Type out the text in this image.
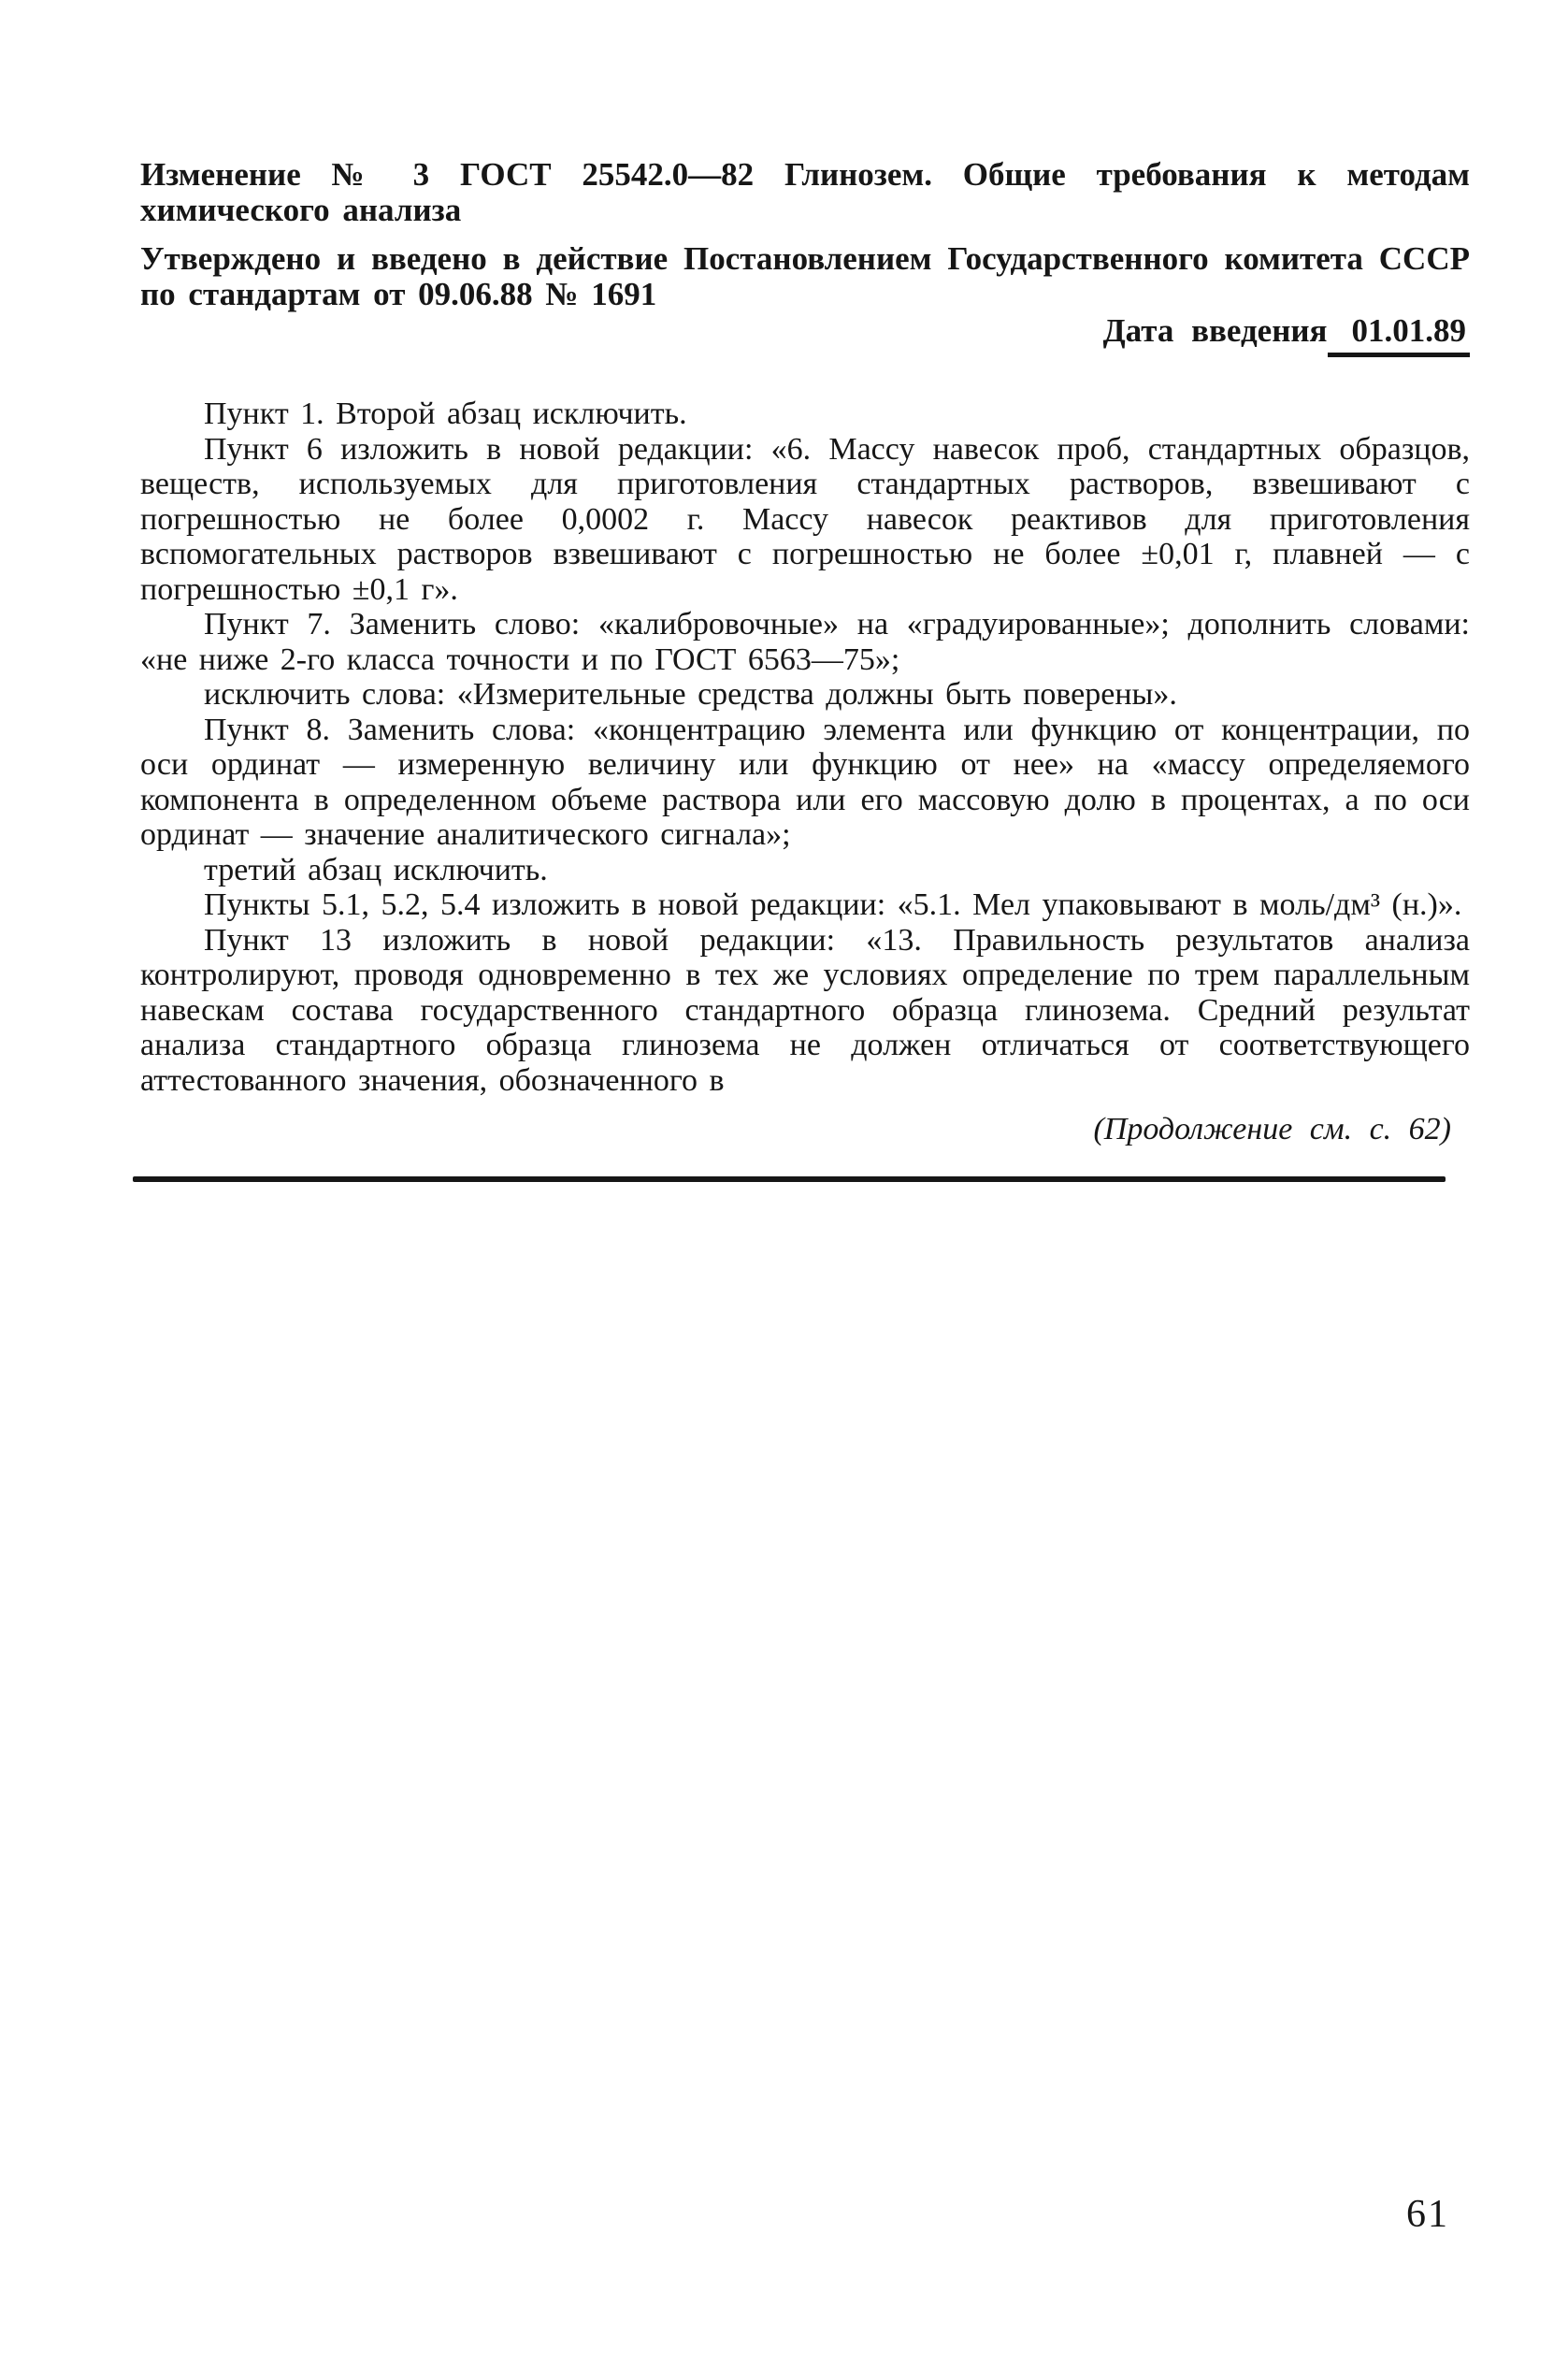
Изменение № 3 ГОСТ 25542.0—82 Глинозем. Общие требования к методам химического анализа

Утверждено и введено в действие Постановлением Государственного комитета СССР по стандартам от 09.06.88 № 1691

Дата введения 01.01.89

Пункт 1. Второй абзац исключить.

Пункт 6 изложить в новой редакции: «6. Массу навесок проб, стандартных образцов, веществ, используемых для приготовления стандартных растворов, взвешивают с погрешностью не более 0,0002 г. Массу навесок реактивов для приготовления вспомогательных растворов взвешивают с погрешностью не более ±0,01 г, плавней — с погрешностью ±0,1 г».

Пункт 7. Заменить слово: «калибровочные» на «градуированные»; дополнить словами: «не ниже 2-го класса точности и по ГОСТ 6563—75»;

исключить слова: «Измерительные средства должны быть поверены».

Пункт 8. Заменить слова: «концентрацию элемента или функцию от концентрации, по оси ординат — измеренную величину или функцию от нее» на «массу определяемого компонента в определенном объеме раствора или его массовую долю в процентах, а по оси ординат — значение аналитического сигнала»;

третий абзац исключить.

Пункты 5.1, 5.2, 5.4 изложить в новой редакции: «5.1. Мел упаковывают в моль/дм³ (н.)».

Пункт 13 изложить в новой редакции: «13. Правильность результатов анализа контролируют, проводя одновременно в тех же условиях определение по трем параллельным навескам состава государственного стандартного образца глинозема. Средний результат анализа стандартного образца глинозема не должен отличаться от соответствующего аттестованного значения, обозначенного в

(Продолжение см. с. 62)

61
